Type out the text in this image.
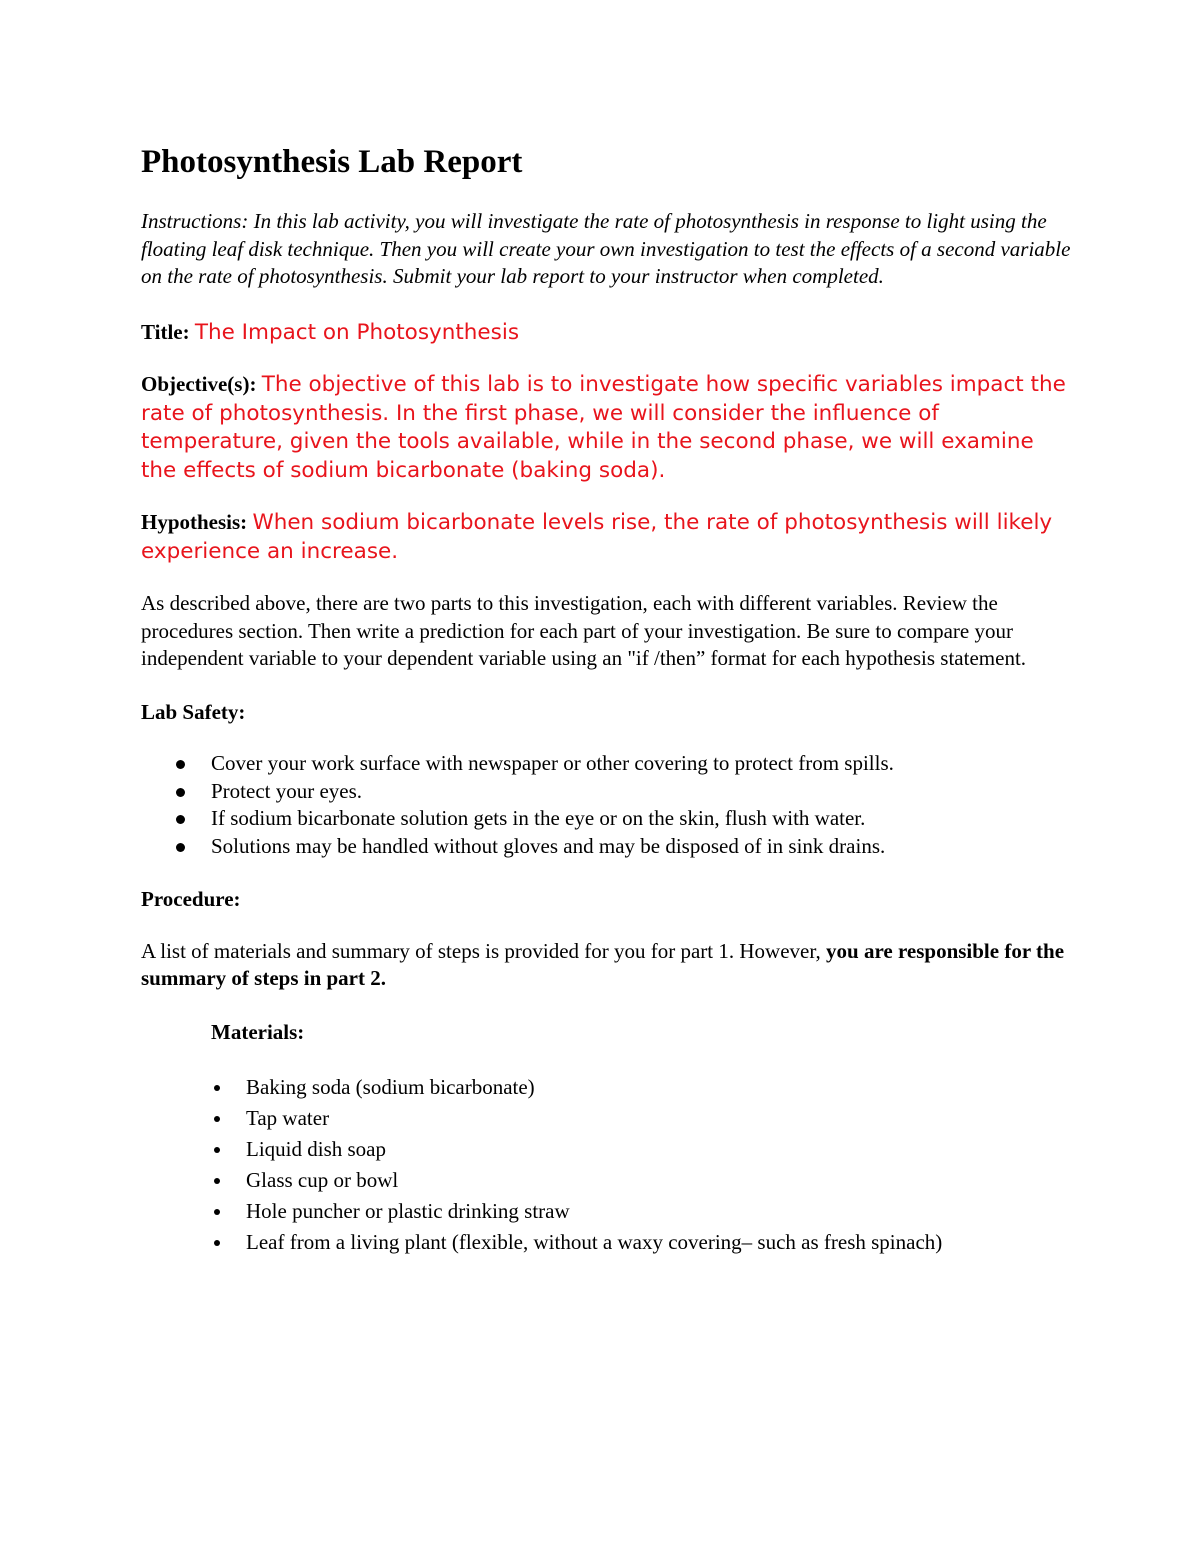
Photosynthesis Lab Report

Instructions: In this lab activity, you will investigate the rate of photosynthesis in response to light using the floating leaf disk technique. Then you will create your own investigation to test the effects of a second variable on the rate of photosynthesis. Submit your lab report to your instructor when completed.

Title: The Impact on Photosynthesis

Objective(s): The objective of this lab is to investigate how specific variables impact the rate of photosynthesis. In the first phase, we will consider the influence of temperature, given the tools available, while in the second phase, we will examine the effects of sodium bicarbonate (baking soda).

Hypothesis: When sodium bicarbonate levels rise, the rate of photosynthesis will likely experience an increase.

As described above, there are two parts to this investigation, each with different variables. Review the procedures section. Then write a prediction for each part of your investigation. Be sure to compare your independent variable to your dependent variable using an "if /then” format for each hypothesis statement.

Lab Safety:

Cover your work surface with newspaper or other covering to protect from spills.
Protect your eyes.
If sodium bicarbonate solution gets in the eye or on the skin, flush with water.
Solutions may be handled without gloves and may be disposed of in sink drains.

Procedure:

A list of materials and summary of steps is provided for you for part 1. However, you are responsible for the summary of steps in part 2.

Materials:

Baking soda (sodium bicarbonate)
Tap water
Liquid dish soap
Glass cup or bowl
Hole puncher or plastic drinking straw
Leaf from a living plant (flexible, without a waxy covering– such as fresh spinach)
